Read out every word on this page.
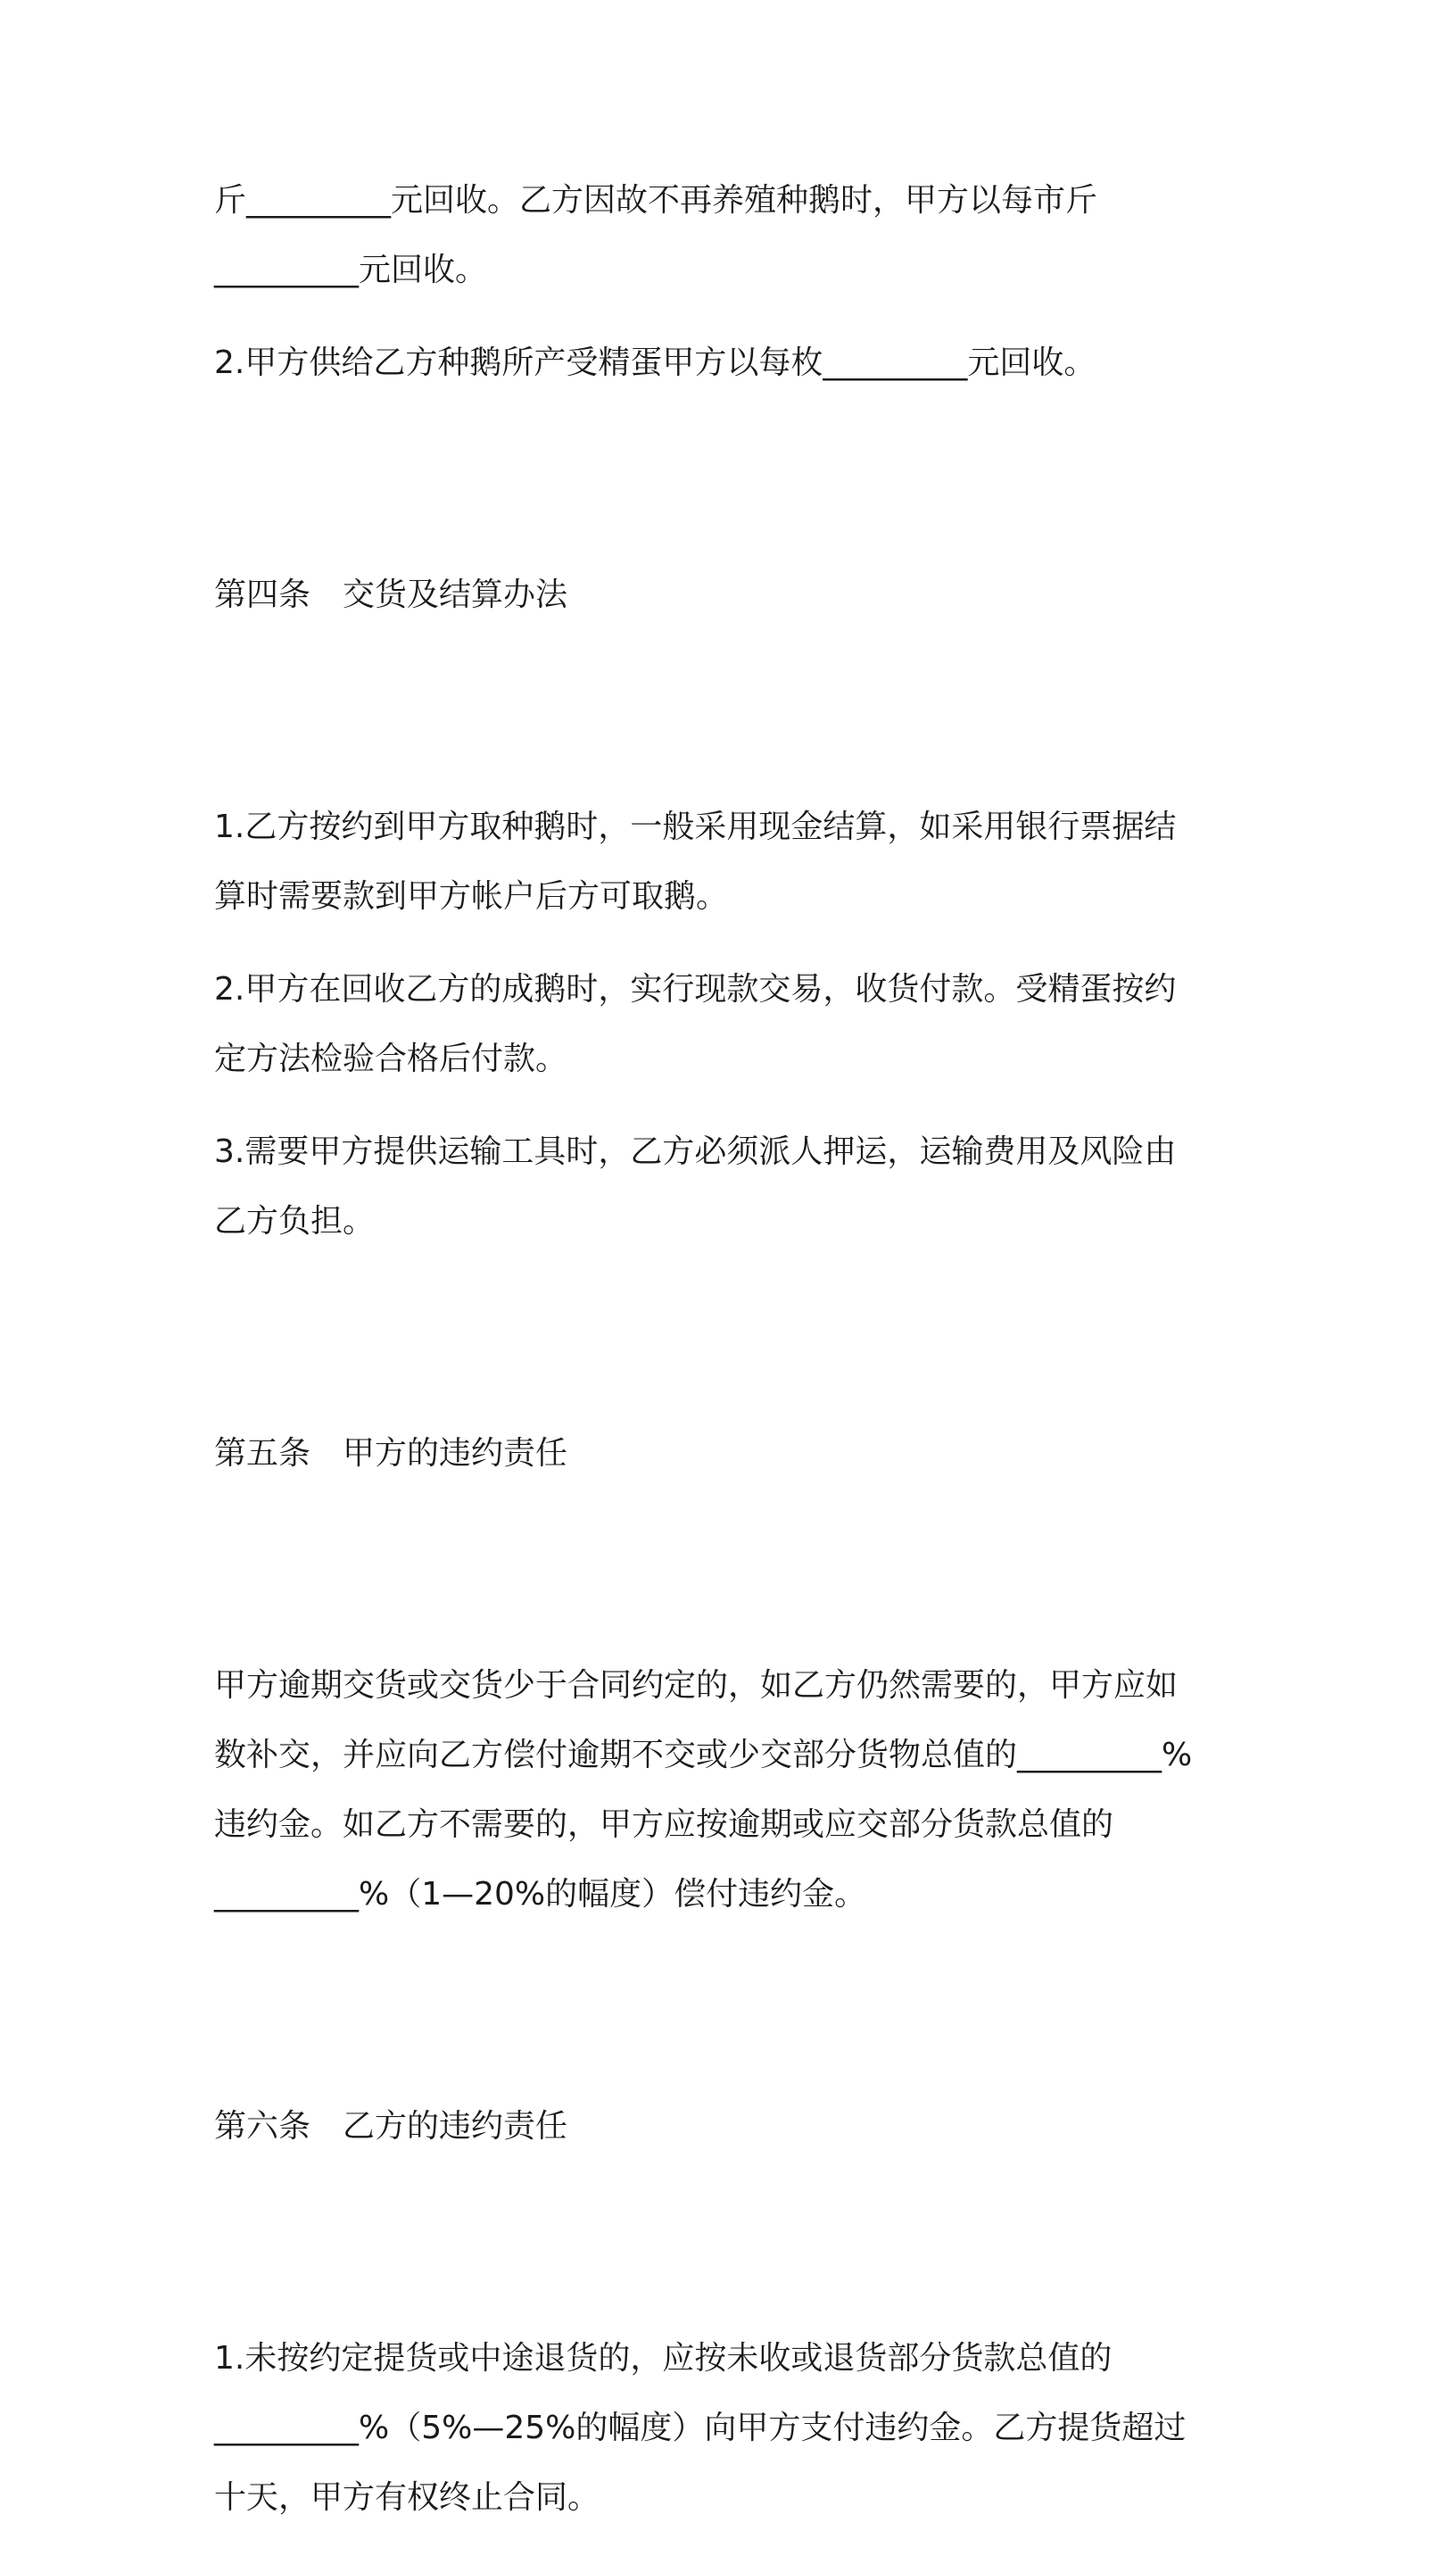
斤_________元回收。乙方因故不再养殖种鹅时，甲方以每市斤
_________元回收。
2.甲方供给乙方种鹅所产受精蛋甲方以每枚_________元回收。

第四条　交货及结算办法

1.乙方按约到甲方取种鹅时，一般采用现金结算，如采用银行票据结
算时需要款到甲方帐户后方可取鹅。
2.甲方在回收乙方的成鹅时，实行现款交易，收货付款。受精蛋按约
定方法检验合格后付款。
3.需要甲方提供运输工具时，乙方必须派人押运，运输费用及风险由
乙方负担。

第五条　甲方的违约责任

甲方逾期交货或交货少于合同约定的，如乙方仍然需要的，甲方应如
数补交，并应向乙方偿付逾期不交或少交部分货物总值的_________%
违约金。如乙方不需要的，甲方应按逾期或应交部分货款总值的
_________%（1—20%的幅度）偿付违约金。

第六条　乙方的违约责任

1.未按约定提货或中途退货的，应按未收或退货部分货款总值的
_________%（5%—25%的幅度）向甲方支付违约金。乙方提货超过
十天，甲方有权终止合同。
